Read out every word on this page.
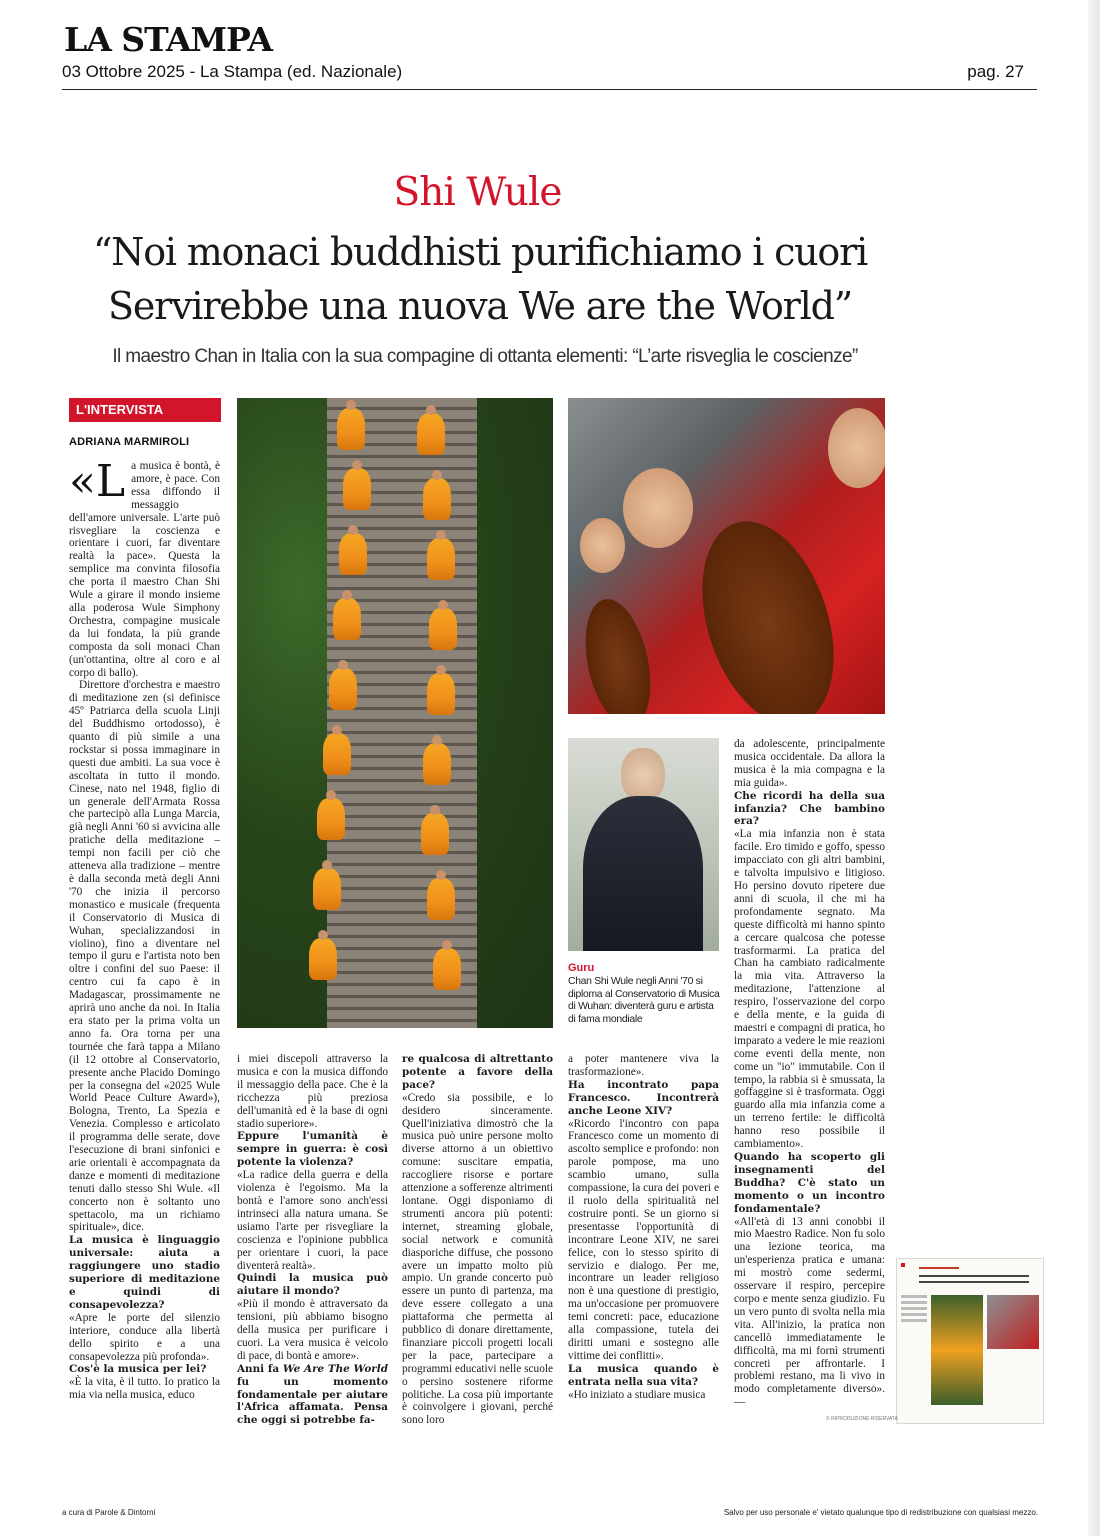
LA STAMPA
03 Ottobre 2025 - La Stampa (ed. Nazionale)	pag. 27
Shi Wule
“Noi monaci buddhisti purifichiamo i cuori
Servirebbe una nuova We are the World”
Il maestro Chan in Italia con la sua compagine di ottanta elementi: “L’arte risveglia le coscienze”
L'INTERVISTA
ADRIANA MARMIROLI

«La musica è bontà, è amore, è pace. Con essa diffondo il messaggio dell'amore universale. L'arte può risvegliare la coscienza e orientare i cuori, far diventare realtà la pace». Questa la semplice ma convinta filosofia che porta il maestro Chan Shi Wule a girare il mondo insieme alla poderosa Wule Simphony Orchestra, compagine musicale da lui fondata, la più grande composta da soli monaci Chan (un'ottantina, oltre al coro e al corpo di ballo).

Direttore d'orchestra e maestro di meditazione zen (si definisce 45º Patriarca della scuola Linji del Buddhismo ortodosso), è quanto di più simile a una rockstar si possa immaginare in questi due ambiti. La sua voce è ascoltata in tutto il mondo. Cinese, nato nel 1948, figlio di un generale dell'Armata Rossa che partecipò alla Lunga Marcia, già negli Anni '60 si avvicina alle pratiche della meditazione – tempi non facili per ciò che atteneva alla tradizione – mentre è dalla seconda metà degli Anni '70 che inizia il percorso monastico e musicale (frequenta il Conservatorio di Musica di Wuhan, specializzandosi in violino), fino a diventare nel tempo il guru e l'artista noto ben oltre i confini del suo Paese: il centro cui fa capo è in Madagascar, prossimamente ne aprirà uno anche da noi. In Italia era stato per la prima volta un anno fa. Ora torna per una tournée che farà tappa a Milano (il 12 ottobre al Conservatorio, presente anche Placido Domingo per la consegna del «2025 Wule World Peace Culture Award»), Bologna, Trento, La Spezia e Venezia. Complesso e articolato il programma delle serate, dove l'esecuzione di brani sinfonici e arie orientali è accompagnata da danze e momenti di meditazione tenuti dallo stesso Shi Wule. «Il concerto non è soltanto uno spettacolo, ma un richiamo spirituale», dice.

La musica è linguaggio universale: aiuta a raggiungere uno stadio superiore di meditazione e quindi di consapevolezza?

«Apre le porte del silenzio interiore, conduce alla libertà dello spirito e a una consapevolezza più profonda».

Cos'è la musica per lei?

«È la vita, è il tutto. Io pratico la mia via nella musica, educo

i miei discepoli attraverso la musica e con la musica diffondo il messaggio della pace. Che è la ricchezza più preziosa dell'umanità ed è la base di ogni stadio superiore».

Eppure l'umanità è sempre in guerra: è così potente la violenza?

«La radice della guerra e della violenza è l'egoismo. Ma la bontà e l'amore sono anch'essi intrinseci alla natura umana. Se usiamo l'arte per risvegliare la coscienza e l'opinione pubblica per orientare i cuori, la pace diventerà realtà».

Quindi la musica può aiutare il mondo?

«Più il mondo è attraversato da tensioni, più abbiamo bisogno della musica per purificare i cuori. La vera musica è veicolo di pace, di bontà e amore».

Anni fa We Are The World fu un momento fondamentale per aiutare l'Africa affamata. Pensa che oggi si potrebbe fa-

re qualcosa di altrettanto potente a favore della pace?

«Credo sia possibile, e lo desidero sinceramente. Quell'iniziativa dimostrò che la musica può unire persone molto diverse attorno a un obiettivo comune: suscitare empatia, raccogliere risorse e portare attenzione a sofferenze altrimenti lontane. Oggi disponiamo di strumenti ancora più potenti: internet, streaming globale, social network e comunità diasporiche diffuse, che possono avere un impatto molto più ampio. Un grande concerto può essere un punto di partenza, ma deve essere collegato a una piattaforma che permetta al pubblico di donare direttamente, finanziare piccoli progetti locali per la pace, partecipare a programmi educativi nelle scuole o persino sostenere riforme politiche. La cosa più importante è coinvolgere i giovani, perché sono loro

a poter mantenere viva la trasformazione».

Ha incontrato papa Francesco. Incontrerà anche Leone XIV?

«Ricordo l'incontro con papa Francesco come un momento di ascolto semplice e profondo: non parole pompose, ma uno scambio umano, sulla compassione, la cura dei poveri e il ruolo della spiritualità nel costruire ponti. Se un giorno si presentasse l'opportunità di incontrare Leone XIV, ne sarei felice, con lo stesso spirito di servizio e dialogo. Per me, incontrare un leader religioso non è una questione di prestigio, ma un'occasione per promuovere temi concreti: pace, educazione alla compassione, tutela dei diritti umani e sostegno alle vittime dei conflitti».

La musica quando è entrata nella sua vita?

«Ho iniziato a studiare musica

da adolescente, principalmente musica occidentale. Da allora la musica è la mia compagna e la mia guida».

Che ricordi ha della sua infanzia? Che bambino era?

«La mia infanzia non è stata facile. Ero timido e goffo, spesso impacciato con gli altri bambini, e talvolta impulsivo e litigioso. Ho persino dovuto ripetere due anni di scuola, il che mi ha profondamente segnato. Ma queste difficoltà mi hanno spinto a cercare qualcosa che potesse trasformarmi. La pratica del Chan ha cambiato radicalmente la mia vita. Attraverso la meditazione, l'attenzione al respiro, l'osservazione del corpo e della mente, e la guida di maestri e compagni di pratica, ho imparato a vedere le mie reazioni come eventi della mente, non come un "io" immutabile. Con il tempo, la rabbia si è smussata, la goffaggine si è trasformata. Oggi guardo alla mia infanzia come a un terreno fertile: le difficoltà hanno reso possibile il cambiamento».

Quando ha scoperto gli insegnamenti del Buddha? C'è stato un momento o un incontro fondamentale?

«All'età di 13 anni conobbi il mio Maestro Radice. Non fu solo una lezione teorica, ma un'esperienza pratica e umana: mi mostrò come sedermi, osservare il respiro, percepire corpo e mente senza giudizio. Fu un vero punto di svolta nella mia vita. All'inizio, la pratica non cancellò immediatamente le difficoltà, ma mi fornì strumenti concreti per affrontarle. I problemi restano, ma li vivo in modo completamente diverso». —

Guru
Chan Shi Wule negli Anni '70 si diploma al Conservatorio di Musica di Wuhan: diventerà guru e artista di fama mondiale
© RIPRODUZIONE RISERVATA
a cura di Parole & Dintorni	Salvo per uso personale e' vietato qualunque tipo di redistribuzione con qualsiasi mezzo.
